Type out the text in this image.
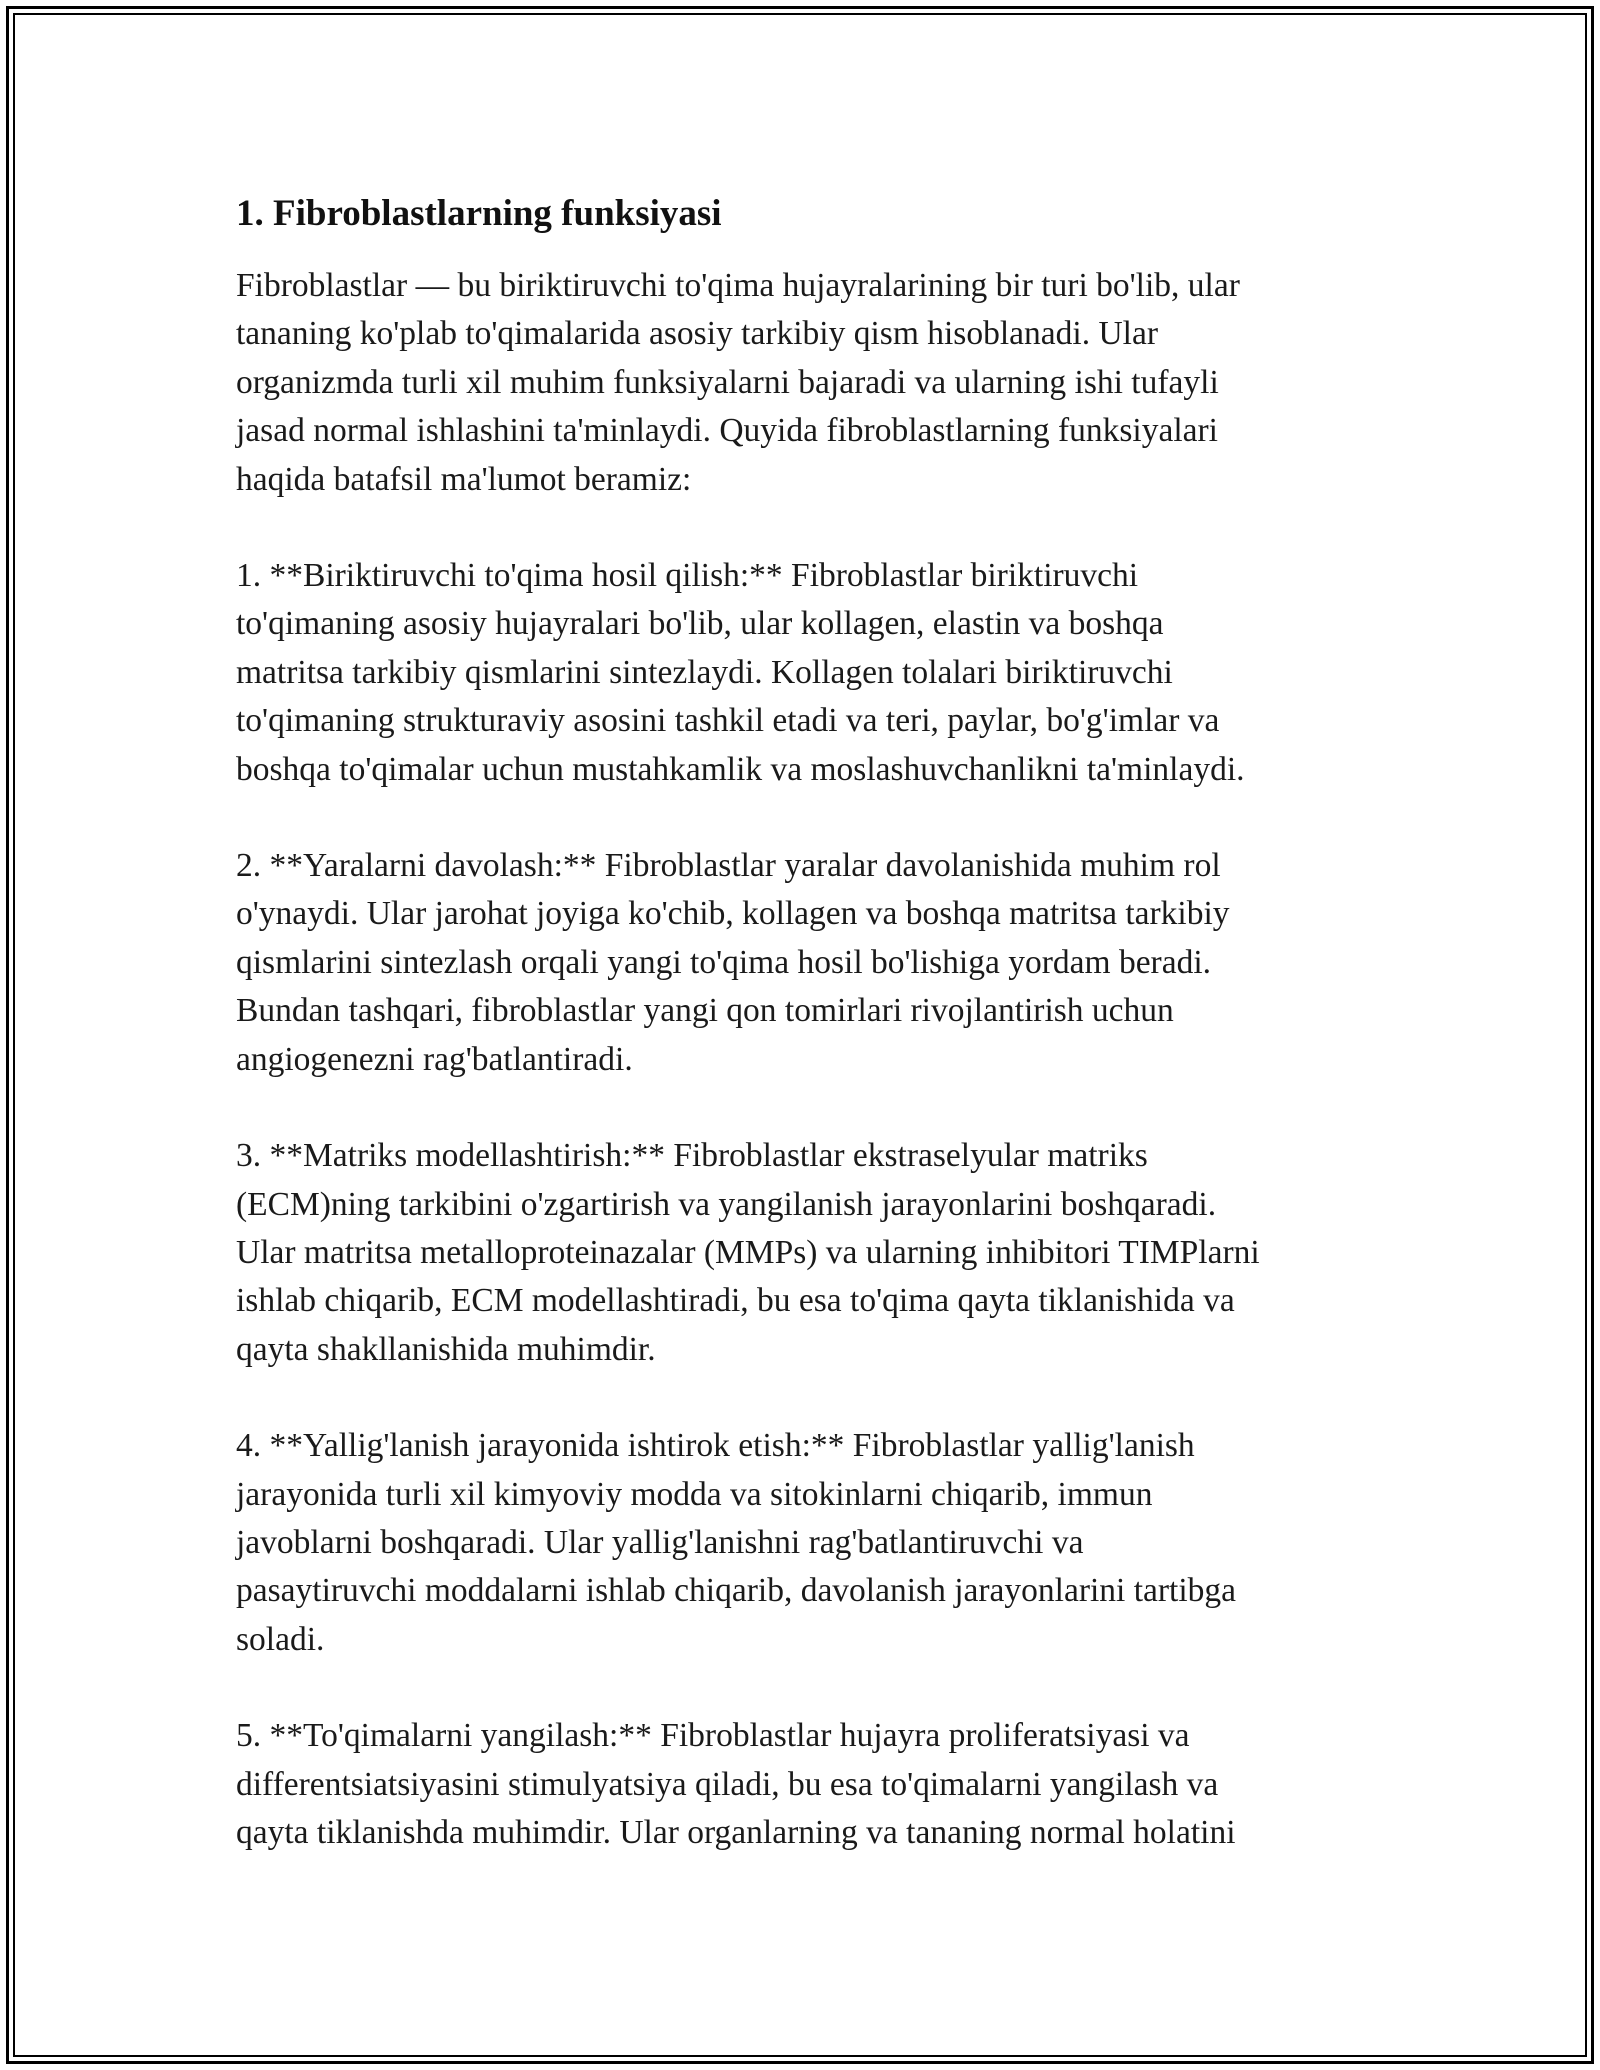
1. Fibroblastlarning funksiyasi

Fibroblastlar — bu biriktiruvchi to'qima hujayralarining bir turi bo'lib, ular
tananing ko'plab to'qimalarida asosiy tarkibiy qism hisoblanadi. Ular
organizmda turli xil muhim funksiyalarni bajaradi va ularning ishi tufayli
jasad normal ishlashini ta'minlaydi. Quyida fibroblastlarning funksiyalari
haqida batafsil ma'lumot beramiz:

1. **Biriktiruvchi to'qima hosil qilish:** Fibroblastlar biriktiruvchi
to'qimaning asosiy hujayralari bo'lib, ular kollagen, elastin va boshqa
matritsa tarkibiy qismlarini sintezlaydi. Kollagen tolalari biriktiruvchi
to'qimaning strukturaviy asosini tashkil etadi va teri, paylar, bo'g'imlar va
boshqa to'qimalar uchun mustahkamlik va moslashuvchanlikni ta'minlaydi.

2. **Yaralarni davolash:** Fibroblastlar yaralar davolanishida muhim rol
o'ynaydi. Ular jarohat joyiga ko'chib, kollagen va boshqa matritsa tarkibiy
qismlarini sintezlash orqali yangi to'qima hosil bo'lishiga yordam beradi.
Bundan tashqari, fibroblastlar yangi qon tomirlari rivojlantirish uchun
angiogenezni rag'batlantiradi.

3. **Matriks modellashtirish:** Fibroblastlar ekstraselyular matriks
(ECM)ning tarkibini o'zgartirish va yangilanish jarayonlarini boshqaradi.
Ular matritsa metalloproteinazalar (MMPs) va ularning inhibitori TIMPlarni
ishlab chiqarib, ECM modellashtiradi, bu esa to'qima qayta tiklanishida va
qayta shakllanishida muhimdir.

4. **Yallig'lanish jarayonida ishtirok etish:** Fibroblastlar yallig'lanish
jarayonida turli xil kimyoviy modda va sitokinlarni chiqarib, immun
javoblarni boshqaradi. Ular yallig'lanishni rag'batlantiruvchi va
pasaytiruvchi moddalarni ishlab chiqarib, davolanish jarayonlarini tartibga
soladi.

5. **To'qimalarni yangilash:** Fibroblastlar hujayra proliferatsiyasi va
differentsiatsiyasini stimulyatsiya qiladi, bu esa to'qimalarni yangilash va
qayta tiklanishda muhimdir. Ular organlarning va tananing normal holatini
